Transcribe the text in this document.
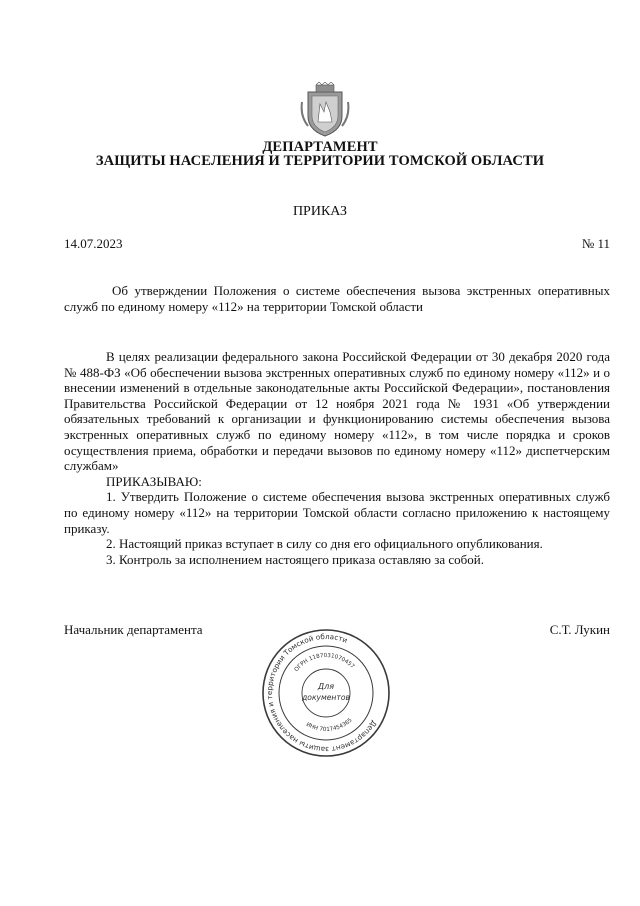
ДЕПАРТАМЕНТ
ЗАЩИТЫ НАСЕЛЕНИЯ И ТЕРРИТОРИИ ТОМСКОЙ ОБЛАСТИ
ПРИКАЗ
14.07.2023	№ 11
Об утверждении Положения о системе обеспечения вызова экстренных оперативных служб по единому номеру «112» на территории Томской области

В целях реализации федерального закона Российской Федерации от 30 декабря 2020 года № 488-ФЗ «Об обеспечении вызова экстренных оперативных служб по единому номеру «112» и о внесении изменений в отдельные законодательные акты Российской Федерации», постановления Правительства Российской Федерации от 12 ноября 2021 года № 1931 «Об утверждении обязательных требований к организации и функционированию системы обеспечения вызова экстренных оперативных служб по единому номеру «112», в том числе порядка и сроков осуществления приема, обработки и передачи вызовов по единому номеру «112» диспетчерским службам»

ПРИКАЗЫВАЮ:

1. Утвердить Положение о системе обеспечения вызова экстренных оперативных служб по единому номеру «112» на территории Томской области согласно приложению к настоящему приказу.

2. Настоящий приказ вступает в силу со дня его официального опубликования.

3. Контроль за исполнением настоящего приказа оставляю за собой.

Начальник департамента	С.Т. Лукин
Департамент защиты населения и территории Томской области
ОГРН 1187031070457
ИНН 7017454365
Для
документов
